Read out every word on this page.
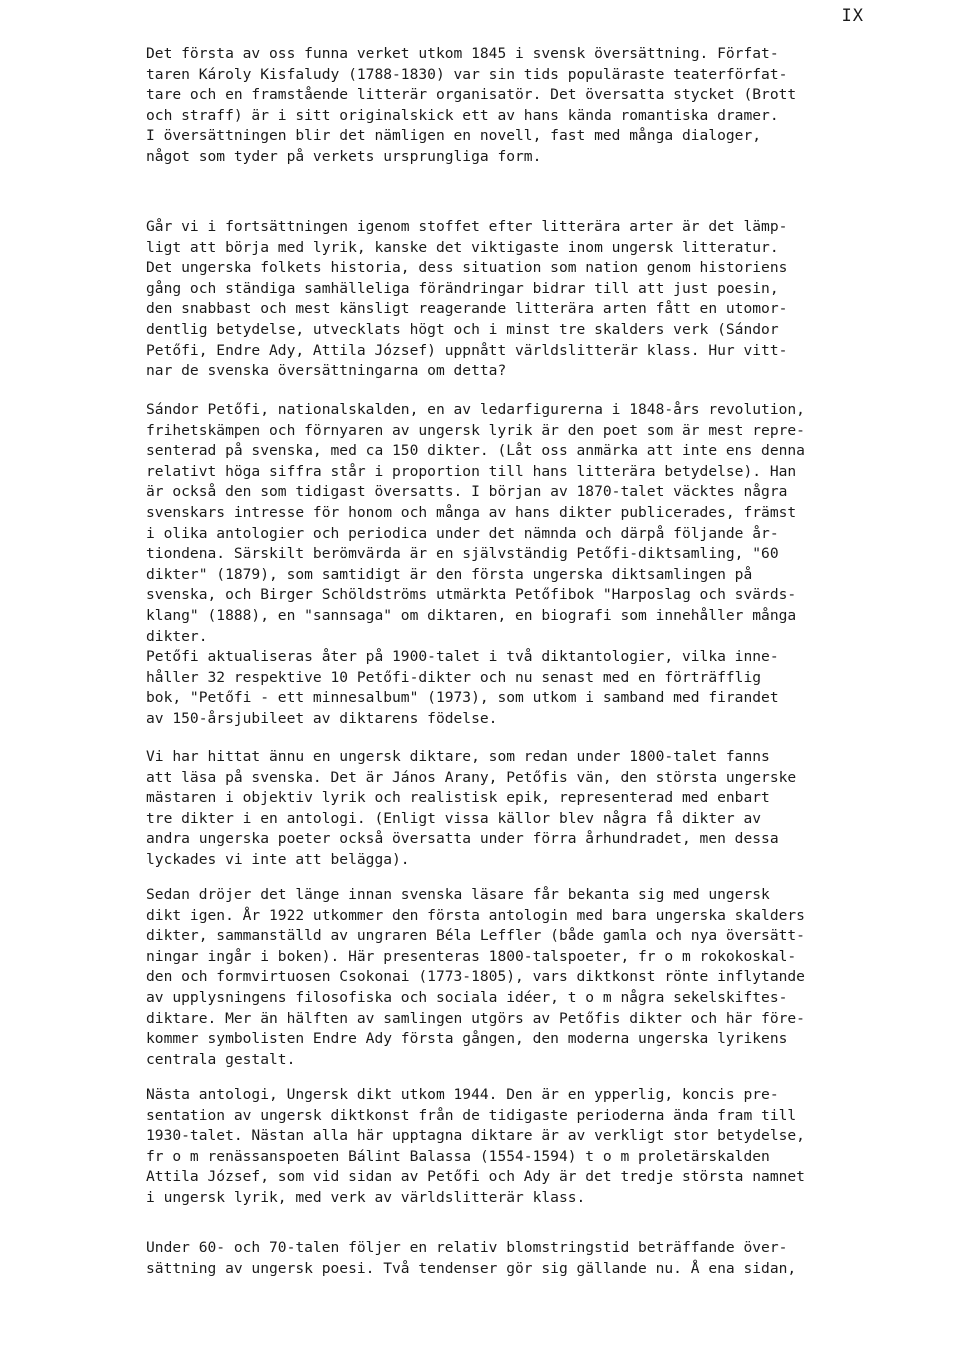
IX
Det första av oss funna verket utkom 1845 i svensk översättning. Förfat-
taren Károly Kisfaludy (1788-1830) var sin tids populäraste teaterförfat-
tare och en framstående litterär organisatör. Det översatta stycket (Brott
och straff) är i sitt originalskick ett av hans kända romantiska dramer.
I översättningen blir det nämligen en novell, fast med många dialoger,
något som tyder på verkets ursprungliga form.
Går vi i fortsättningen igenom stoffet efter litterära arter är det lämp-
ligt att börja med lyrik, kanske det viktigaste inom ungersk litteratur.
Det ungerska folkets historia, dess situation som nation genom historiens
gång och ständiga samhälleliga förändringar bidrar till att just poesin,
den snabbast och mest känsligt reagerande litterära arten fått en utomor-
dentlig betydelse, utvecklats högt och i minst tre skalders verk (Sándor
Petőfi, Endre Ady, Attila József) uppnått världslitterär klass. Hur vitt-
nar de svenska översättningarna om detta?
Sándor Petőfi, nationalskalden, en av ledarfigurerna i 1848-års revolution,
frihetskämpen och förnyaren av ungersk lyrik är den poet som är mest repre-
senterad på svenska, med ca 150 dikter. (Låt oss anmärka att inte ens denna
relativt höga siffra står i proportion till hans litterära betydelse). Han
är också den som tidigast översatts. I början av 1870-talet väcktes några
svenskars intresse för honom och många av hans dikter publicerades, främst
i olika antologier och periodica under det nämnda och därpå följande år-
tiondena. Särskilt berömvärda är en självständig Petőfi-diktsamling, "60
dikter" (1879), som samtidigt är den första ungerska diktsamlingen på
svenska, och Birger Schöldströms utmärkta Petőfibok "Harposlag och svärds-
klang" (1888), en "sannsaga" om diktaren, en biografi som innehåller många
dikter.
Petőfi aktualiseras åter på 1900-talet i två diktantologier, vilka inne-
håller 32 respektive 10 Petőfi-dikter och nu senast med en förträfflig
bok, "Petőfi - ett minnesalbum" (1973), som utkom i samband med firandet
av 150-årsjubileet av diktarens födelse.
Vi har hittat ännu en ungersk diktare, som redan under 1800-talet fanns
att läsa på svenska. Det är János Arany, Petőfis vän, den största ungerske
mästaren i objektiv lyrik och realistisk epik, representerad med enbart
tre dikter i en antologi. (Enligt vissa källor blev några få dikter av
andra ungerska poeter också översatta under förra århundradet, men dessa
lyckades vi inte att belägga).
Sedan dröjer det länge innan svenska läsare får bekanta sig med ungersk
dikt igen. År 1922 utkommer den första antologin med bara ungerska skalders
dikter, sammanställd av ungraren Béla Leffler (både gamla och nya översätt-
ningar ingår i boken). Här presenteras 1800-talspoeter, fr o m rokokoskal-
den och formvirtuosen Csokonai (1773-1805), vars diktkonst rönte inflytande
av upplysningens filosofiska och sociala idéer, t o m några sekelskiftes-
diktare. Mer än hälften av samlingen utgörs av Petőfis dikter och här före-
kommer symbolisten Endre Ady första gången, den moderna ungerska lyrikens
centrala gestalt.
Nästa antologi, Ungersk dikt utkom 1944. Den är en ypperlig, koncis pre-
sentation av ungersk diktkonst från de tidigaste perioderna ända fram till
1930-talet. Nästan alla här upptagna diktare är av verkligt stor betydelse,
fr o m renässanspoeten Bálint Balassa (1554-1594) t o m proletärskalden
Attila József, som vid sidan av Petőfi och Ady är det tredje största namnet
i ungersk lyrik, med verk av världslitterär klass.
Under 60- och 70-talen följer en relativ blomstringstid beträffande över-
sättning av ungersk poesi. Två tendenser gör sig gällande nu. Å ena sidan,
